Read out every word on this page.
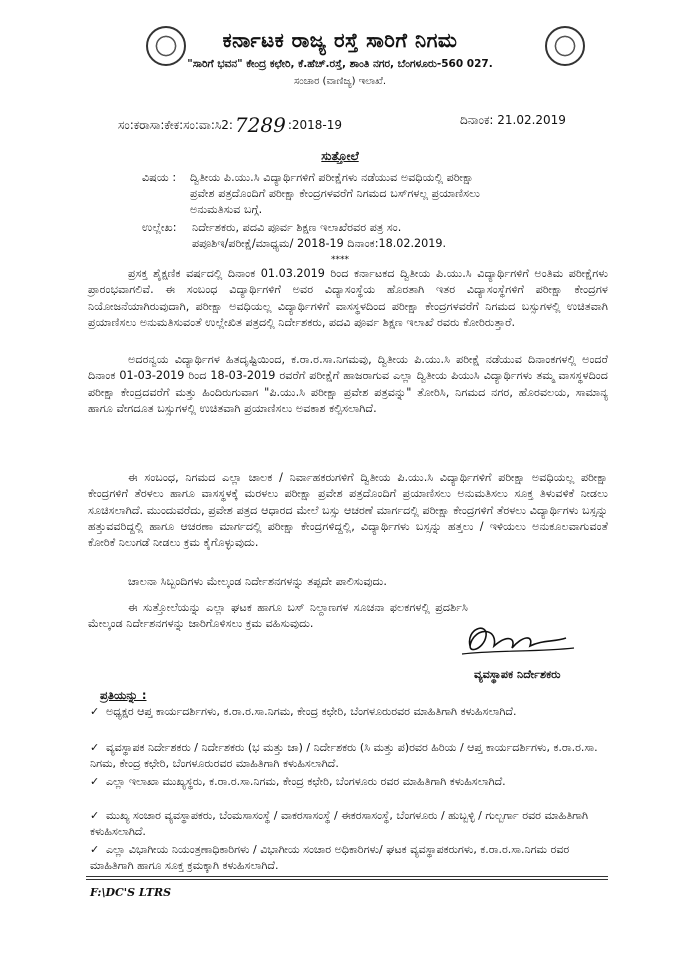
ಕರ್ನಾಟಕ ರಾಜ್ಯ ರಸ್ತೆ ಸಾರಿಗೆ ನಿಗಮ
"ಸಾರಿಗೆ ಭವನ" ಕೇಂದ್ರ ಕಛೇರಿ, ಕೆ.ಹೆಚ್.ರಸ್ತೆ, ಶಾಂತಿ ನಗರ, ಬೆಂಗಳೂರು-560 027.
ಸಂಚಾರ (ವಾಣಿಜ್ಯ) ಇಲಾಖೆ.
ಸಂ:ಕರಾಸಾ:ಕೇಕ:ಸಂ:ವಾ:ಸಿ2: 7289 :2018-19	ದಿನಾಂಕ: 21.02.2019
ಸುತ್ತೋಲೆ
ವಿಷಯ : ದ್ವಿತೀಯ ಪಿ.ಯು.ಸಿ ವಿದ್ಯಾರ್ಥಿಗಳಿಗೆ ಪರೀಕ್ಷೆಗಳು ನಡೆಯುವ ಅವಧಿಯಲ್ಲಿ ಪರೀಕ್ಷಾ
ಪ್ರವೇಶ ಪತ್ರದೊಂದಿಗೆ ಪರೀಕ್ಷಾ ಕೇಂದ್ರಗಳವರೆಗೆ ನಿಗಮದ ಬಸ್‌ಗಳಲ್ಲ ಪ್ರಯಾಣಿಸಲು
ಅನುಮತಿಸುವ ಬಗ್ಗೆ.
ಉಲ್ಲೇಖ: ನಿರ್ದೇಶಕರು, ಪದವಿ ಪೂರ್ವ ಶಿಕ್ಷಣ ಇಲಾಖೆರವರ ಪತ್ರ ಸಂ.
ಪಪೂಶಿಇ/ಪರೀಕ್ಷೆ/ಮಾಧ್ಯಮ/ 2018-19 ದಿನಾಂಕ:18.02.2019.
****
ಪ್ರಸಕ್ತ ಶೈಕ್ಷಣಿಕ ವರ್ಷದಲ್ಲಿ ದಿನಾಂಕ 01.03.2019 ರಿಂದ ಕರ್ನಾಟಕದ ದ್ವಿತೀಯ ಪಿ.ಯು.ಸಿ ವಿದ್ಯಾರ್ಥಿಗಳಿಗೆ ಅಂತಿಮ ಪರೀಕ್ಷೆಗಳು ಪ್ರಾರಂಭವಾಗಲಿವೆ. ಈ ಸಂಬಂಧ ವಿದ್ಯಾರ್ಥಿಗಳಿಗೆ ಅವರ ವಿದ್ಯಾಸಂಸ್ಥೆಯ ಹೊರತಾಗಿ ಇತರ ವಿದ್ಯಾಸಂಸ್ಥೆಗಳಿಗೆ ಪರೀಕ್ಷಾ ಕೇಂದ್ರಗಳ ನಿಯೋಜನೆಯಾಗಿರುವುದಾಗಿ, ಪರೀಕ್ಷಾ ಅವಧಿಯಲ್ಲ ವಿದ್ಯಾರ್ಥಿಗಳಿಗೆ ವಾಸಸ್ಥಳದಿಂದ ಪರೀಕ್ಷಾ ಕೇಂದ್ರಗಳವರೆಗೆ ನಿಗಮದ ಬಸ್ಸುಗಳಲ್ಲಿ ಉಚಿತವಾಗಿ ಪ್ರಯಾಣಿಸಲು ಅನುಮತಿಸುವಂತೆ ಉಲ್ಲೇಖಿತ ಪತ್ರದಲ್ಲಿ ನಿರ್ದೇಶಕರು, ಪದವಿ ಪೂರ್ವ ಶಿಕ್ಷಣ ಇಲಾಖೆ ರವರು ಕೋರಿರುತ್ತಾರೆ.
ಅದರನ್ವಯ ವಿದ್ಯಾರ್ಥಿಗಳ ಹಿತದೃಷ್ಟಿಯಿಂದ, ಕ.ರಾ.ರ.ಸಾ.ನಿಗಮವು, ದ್ವಿತೀಯ ಪಿ.ಯು.ಸಿ ಪರೀಕ್ಷೆ ನಡೆಯುವ ದಿನಾಂಕಗಳಲ್ಲಿ ಅಂದರೆ ದಿನಾಂಕ 01-03-2019 ರಿಂದ 18-03-2019 ರವರೆಗೆ ಪರೀಕ್ಷೆಗೆ ಹಾಜರಾಗುವ ಎಲ್ಲಾ ದ್ವಿತೀಯ ಪಿಯುಸಿ ವಿದ್ಯಾರ್ಥಿಗಳು ತಮ್ಮ ವಾಸಸ್ಥಳದಿಂದ ಪರೀಕ್ಷಾ ಕೇಂದ್ರದವರೆಗೆ ಮತ್ತು ಹಿಂದಿರುಗುವಾಗ "ಪಿ.ಯು.ಸಿ ಪರೀಕ್ಷಾ ಪ್ರವೇಶ ಪತ್ರವನ್ನು" ತೋರಿಸಿ, ನಿಗಮದ ನಗರ, ಹೊರವಲಯ, ಸಾಮಾನ್ಯ ಹಾಗೂ ವೇಗದೂತ ಬಸ್ಸುಗಳಲ್ಲಿ ಉಚಿತವಾಗಿ ಪ್ರಯಾಣಿಸಲು ಅವಕಾಶ ಕಲ್ಪಿಸಲಾಗಿದೆ.
ಈ ಸಂಬಂಧ, ನಿಗಮದ ಎಲ್ಲಾ ಚಾಲಕ / ನಿರ್ವಾಹಕರುಗಳಿಗೆ ದ್ವಿತೀಯ ಪಿ.ಯು.ಸಿ ವಿದ್ಯಾರ್ಥಿಗಳಿಗೆ ಪರೀಕ್ಷಾ ಅವಧಿಯಲ್ಲ ಪರೀಕ್ಷಾ ಕೇಂದ್ರಗಳಿಗೆ ತೆರಳಲು ಹಾಗೂ ವಾಸಸ್ಥಳಕ್ಕೆ ಮರಳಲು ಪರೀಕ್ಷಾ ಪ್ರವೇಶ ಪತ್ರದೊಂದಿಗೆ ಪ್ರಯಾಣಿಸಲು ಅನುಮತಿಸಲು ಸೂಕ್ತ ತಿಳುವಳಿಕೆ ನೀಡಲು ಸೂಚಿಸಲಾಗಿದೆ. ಮುಂದುವರೆದು, ಪ್ರವೇಶ ಪತ್ರದ ಆಧಾರದ ಮೇಲೆ ಬಸ್ಸು ಆಚರಣೆ ಮಾರ್ಗದಲ್ಲಿ ಪರೀಕ್ಷಾ ಕೇಂದ್ರಗಳಿಗೆ ತೆರಳಲು ವಿದ್ಯಾರ್ಥಿಗಳು ಬಸ್ಸನ್ನು ಹತ್ತುವವರಿದ್ದಲ್ಲಿ ಹಾಗೂ ಆಚರಣಾ ಮಾರ್ಗದಲ್ಲಿ ಪರೀಕ್ಷಾ ಕೇಂದ್ರಗಳಿದ್ದಲ್ಲಿ, ವಿದ್ಯಾರ್ಥಿಗಳು ಬಸ್ಸನ್ನು ಹತ್ತಲು / ಇಳಿಯಲು ಅನುಕೂಲವಾಗುವಂತೆ ಕೋರಿಕೆ ನಿಲುಗಡೆ ನೀಡಲು ಕ್ರಮ ಕೈಗೊಳ್ಳುವುದು.
ಚಾಲನಾ ಸಿಬ್ಬಂದಿಗಳು ಮೇಲ್ಕಂಡ ನಿರ್ದೇಶನಗಳನ್ನು ತಪ್ಪದೇ ಪಾಲಿಸುವುದು.
ಈ ಸುತ್ತೋಲೆಯನ್ನು ಎಲ್ಲಾ ಘಟಕ ಹಾಗೂ ಬಸ್ ನಿಲ್ದಾಣಗಳ ಸೂಚನಾ ಫಲಕಗಳಲ್ಲಿ ಪ್ರದರ್ಶಿಸಿ ಮೇಲ್ಕಂಡ ನಿರ್ದೇಶನಗಳನ್ನು ಜಾರಿಗೊಳಿಸಲು ಕ್ರಮ ವಹಿಸುವುದು.
ವ್ಯವಸ್ಥಾಪಕ ನಿರ್ದೇಶಕರು
ಪ್ರತಿಯನ್ನು :
✓ ಅಧ್ಯಕ್ಷರ ಆಪ್ತ ಕಾರ್ಯದರ್ಶಿಗಳು, ಕ.ರಾ.ರ.ಸಾ.ನಿಗಮ, ಕೇಂದ್ರ ಕಛೇರಿ, ಬೆಂಗಳೂರುರವರ ಮಾಹಿತಿಗಾಗಿ ಕಳುಹಿಸಲಾಗಿದೆ.
✓ ವ್ಯವಸ್ಥಾಪಕ ನಿರ್ದೇಶಕರು / ನಿರ್ದೇಶಕರು (ಭ ಮತ್ತು ಜಾ) / ನಿರ್ದೇಶಕರು (ಸಿ ಮತ್ತು ಪ)ರವರ ಹಿರಿಯ / ಆಪ್ತ ಕಾರ್ಯದರ್ಶಿಗಳು, ಕ.ರಾ.ರ.ಸಾ. ನಿಗಮ, ಕೇಂದ್ರ ಕಛೇರಿ, ಬೆಂಗಳೂರುರವರ ಮಾಹಿತಿಗಾಗಿ ಕಳುಹಿಸಲಾಗಿದೆ.
✓ ಎಲ್ಲಾ ಇಲಾಖಾ ಮುಖ್ಯಸ್ಥರು, ಕ.ರಾ.ರ.ಸಾ.ನಿಗಮ, ಕೇಂದ್ರ ಕಛೇರಿ, ಬೆಂಗಳೂರು ರವರ ಮಾಹಿತಿಗಾಗಿ ಕಳುಹಿಸಲಾಗಿದೆ.
✓ ಮುಖ್ಯ ಸಂಚಾರ ವ್ಯವಸ್ಥಾಪಕರು, ಬೆಂಮಸಾಸಂಸ್ಥೆ / ವಾಕರಸಾಸಂಸ್ಥೆ / ಈಕರಸಾಸಂಸ್ಥೆ, ಬೆಂಗಳೂರು / ಹುಬ್ಬಳ್ಳಿ / ಗುಲ್ಬರ್ಗಾ ರವರ ಮಾಹಿತಿಗಾಗಿ ಕಳುಹಿಸಲಾಗಿದೆ.
✓ ಎಲ್ಲಾ ವಿಭಾಗೀಯ ನಿಯಂತ್ರಣಾಧಿಕಾರಿಗಳು / ವಿಭಾಗೀಯ ಸಂಚಾರ ಅಧಿಕಾರಿಗಳು/ ಘಟಕ ವ್ಯವಸ್ಥಾಪಕರುಗಳು, ಕ.ರಾ.ರ.ಸಾ.ನಿಗಮ ರವರ ಮಾಹಿತಿಗಾಗಿ ಹಾಗೂ ಸೂಕ್ತ ಕ್ರಮಕ್ಕಾಗಿ ಕಳುಹಿಸಲಾಗಿದೆ.
F:\DC'S LTRS
